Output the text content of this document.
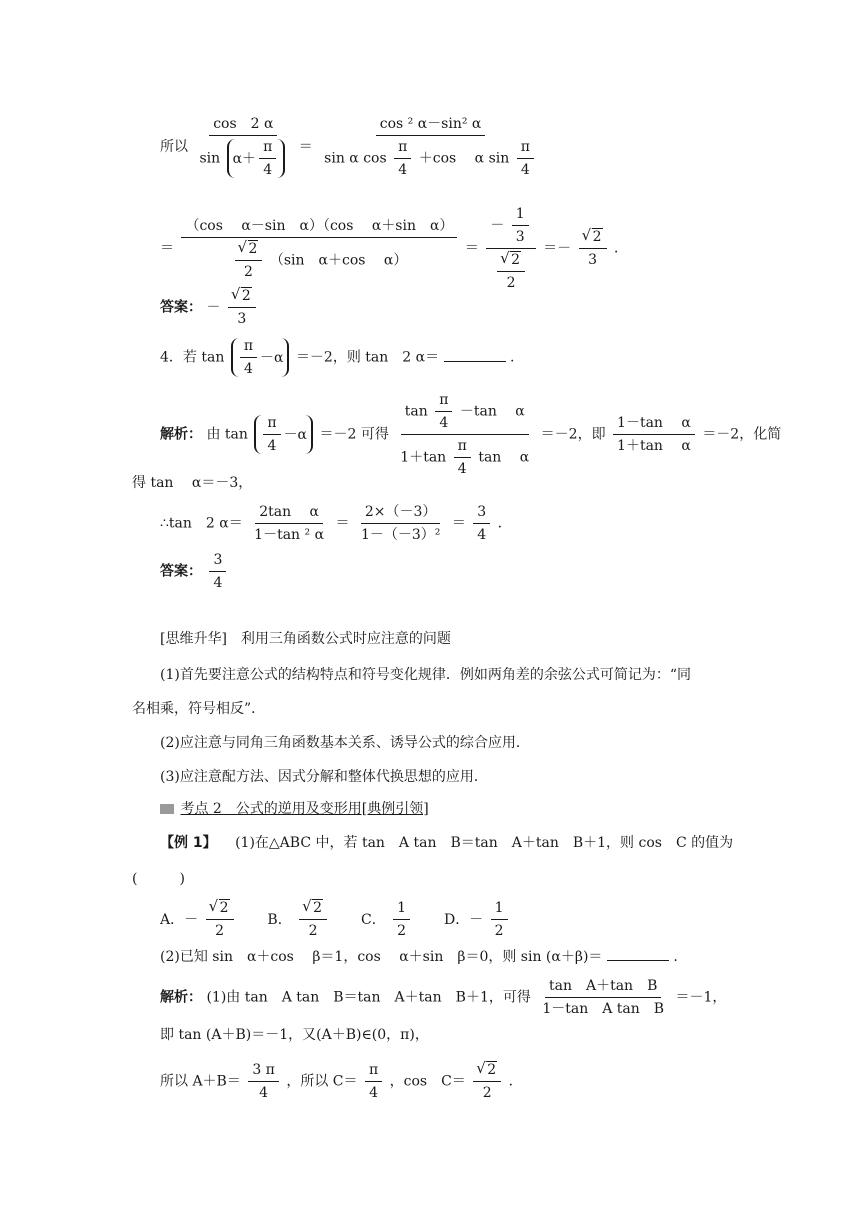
所以 $\frac{\cos 2 \alpha}{\sin \alpha+ \frac{\pi}{4}}$ ＝
cos ² α－sin² α
sin α $\cos \frac{\pi}{4} +\cos$　 α $\sin \frac{\pi}{4}$
＝ （cos　 α－sin　α）（cos　 α＋sin　α）
√ $\frac{2}{2} (\sin$　α＋cos　 α） ＝ － $\frac{1}{3}$
√ $\frac{2}{2}$ ＝－ √ $\frac{2}{3}$ ．
答案： － √ $\frac{2}{3}$
4．若 $\tan \frac{\pi}{4} -\alpha =-2$，则 tan　2 α＝	.
解析： 由 $\tan \frac{\pi}{4} -\alpha =-2$ 可得 $\frac{\tan \frac{\pi}{4} -\tan \alpha}{1+\tan \frac{\pi}{4} \tan \alpha} =-2$，即 $\frac{\text{1－tan　 α}}{\text{1＋tan　 α}} =-2$，化简
得 tan　 α＝－3，
∴tan　2 $\alpha= \frac{\text{2tan　 α}}{\text{1－tan ² α}} = \frac{2\times(-3)}{\text{1－（－3）²}} = \frac{3}{4}$ ．
答案： $\frac{3}{4}$
[思维升华]　利用三角函数公式时应注意的问题
(1)首先要注意公式的结构特点和符号变化规律．例如两角差的余弦公式可简记为：“同
名相乘，符号相反”．
(2)应注意与同角三角函数基本关系、诱导公式的综合应用．
(3)应注意配方法、因式分解和整体代换思想的应用．
考点 2　公式的逆用及变形用[典例引领]
【例 1】 　(1)在△ABC 中，若 tan　A tan　B＝tan　A＋tan　B＋1，则 cos　C 的值为
(　　　)
A．－ √ $\frac{2}{2}$ B． √ $\frac{2}{2}$ C． $\frac{1}{2}$ D．－ $\frac{1}{2}$
(2)已知 sin　α＋cos　 β＝1，cos　 α＋sin　β＝0，则 sin (α＋β)＝	.
解析： (1)由 tan　A tan　B＝tan　A＋tan　B＋1，可得 $\frac{\text{tan　A＋tan　B}}{\text{1－tan　A tan　B}} =-1$，
即 tan (A＋B)＝－1，又(A＋B)∈(0，π)，
所以 $A+B= \frac{3 \pi}{4}$ ，所以 $C= \frac{\pi}{4}$ ，cos　C＝ √ $\frac{2}{2}$ ．
